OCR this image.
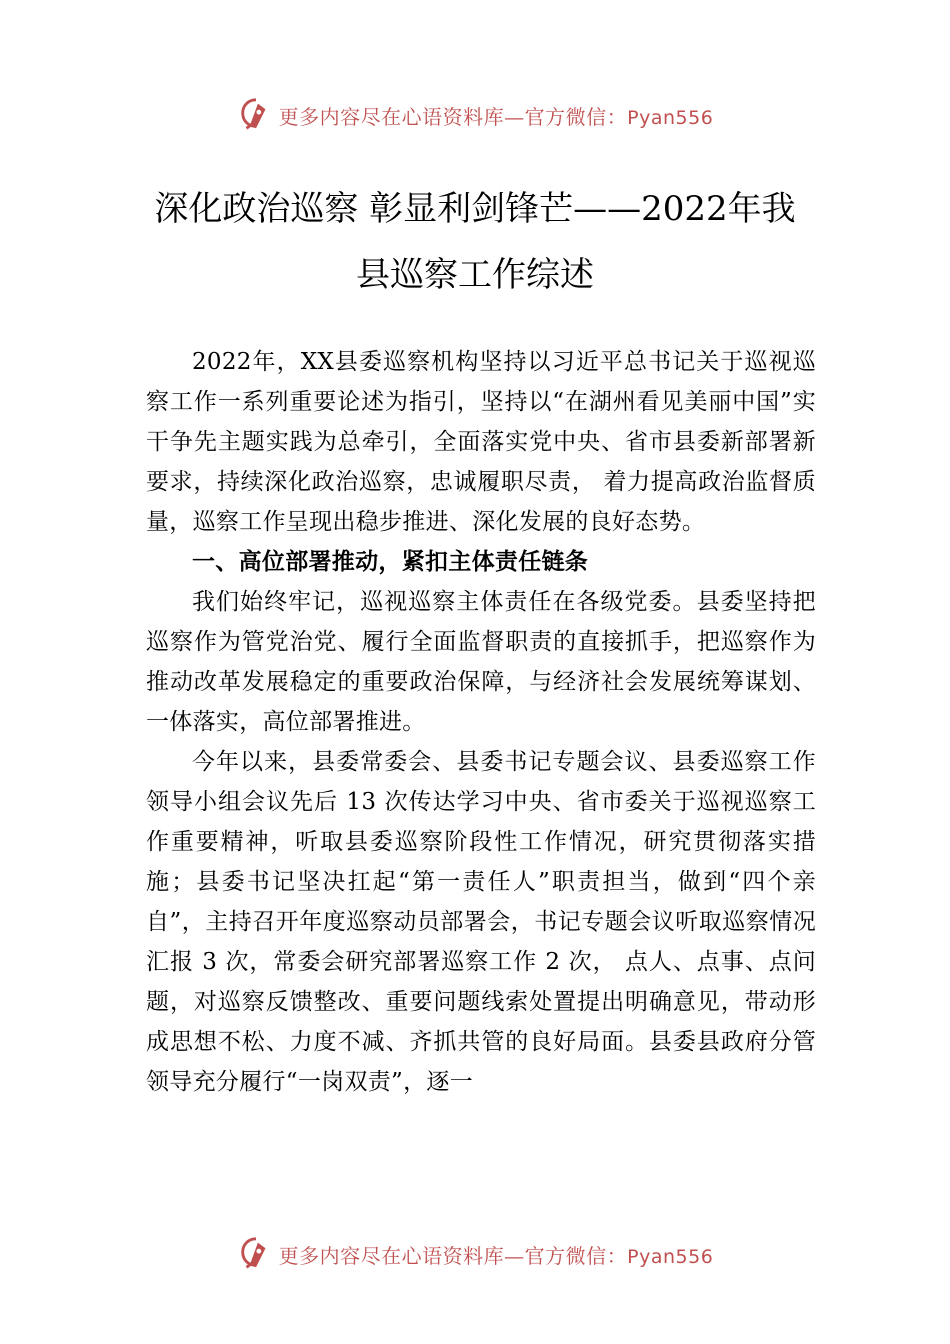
更多内容尽在心语资料库—官方微信：Pyan556
深化政治巡察 彰显利剑锋芒——2022年我
县巡察工作综述

2022年，XX县委巡察机构坚持以习近平总书记关于巡视巡察工作一系列重要论述为指引，坚持以“在湖州看见美丽中国”实干争先主题实践为总牵引，全面落实党中央、省市县委新部署新要求，持续深化政治巡察，忠诚履职尽责， 着力提高政治监督质量，巡察工作呈现出稳步推进、深化发展的良好态势。

一、高位部署推动，紧扣主体责任链条

我们始终牢记，巡视巡察主体责任在各级党委。县委坚持把巡察作为管党治党、履行全面监督职责的直接抓手，把巡察作为推动改革发展稳定的重要政治保障，与经济社会发展统筹谋划、一体落实，高位部署推进。

今年以来，县委常委会、县委书记专题会议、县委巡察工作领导小组会议先后 13 次传达学习中央、省市委关于巡视巡察工作重要精神，听取县委巡察阶段性工作情况，研究贯彻落实措施；县委书记坚决扛起“第一责任人”职责担当，做到“四个亲自”，主持召开年度巡察动员部署会，书记专题会议听取巡察情况汇报 3 次，常委会研究部署巡察工作 2 次， 点人、点事、点问题，对巡察反馈整改、重要问题线索处置提出明确意见，带动形成思想不松、力度不减、齐抓共管的良好局面。县委县政府分管领导充分履行“一岗双责”，逐一

更多内容尽在心语资料库—官方微信：Pyan556
